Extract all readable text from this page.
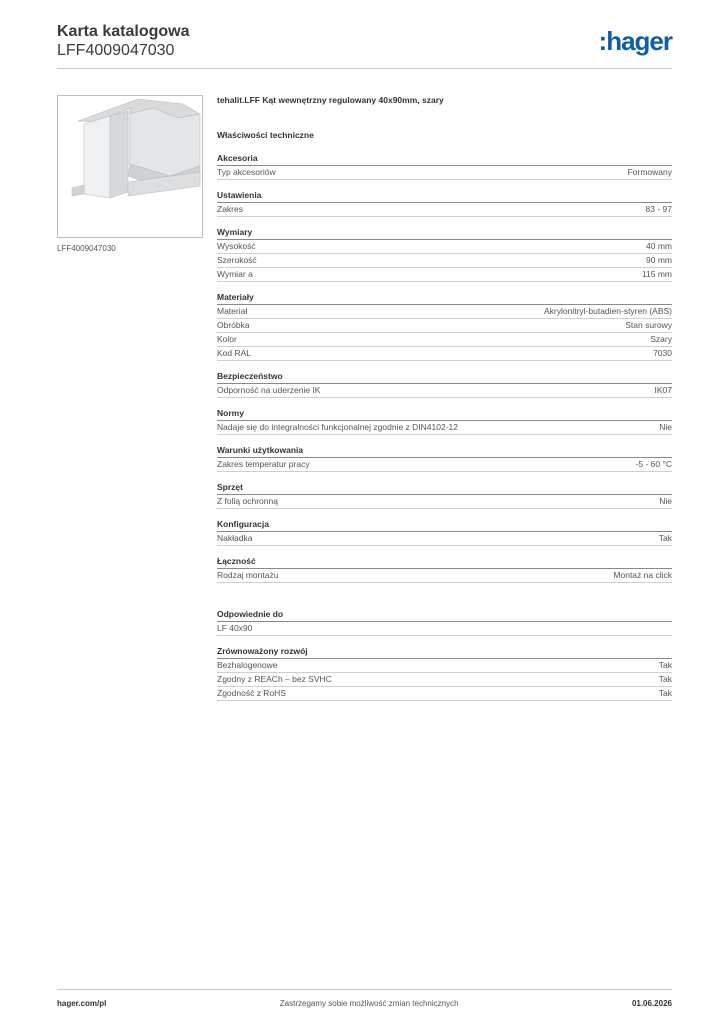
Karta katalogowa
LFF4009047030	:hager
LFF4009047030
tehalit.LFF Kąt wewnętrzny regulowany 40x90mm, szary
Właściwości techniczne
Akcesoria
Typ akcesoriów	Formowany
Ustawienia
Zakres	83 - 97
Wymiary
Wysokość	40 mm
Szerokość	90 mm
Wymiar a	115 mm
Materiały
Materiał	Akrylonitryl-butadien-styren (ABS)
Obróbka	Stan surowy
Kolor	Szary
Kod RAL	7030
Bezpieczeństwo
Odporność na uderzenie IK	IK07
Normy
Nadaje się do integralności funkcjonalnej zgodnie z DIN4102-12	Nie
Warunki użytkowania
Zakres temperatur pracy	-5 - 60 °C
Sprzęt
Z folią ochronną	Nie
Konfiguracja
Nakładka	Tak
Łączność
Rodzaj montażu	Montaż na click
Odpowiednie do
LF 40x90
Zrównoważony rozwój
Bezhalogenowe	Tak
Zgodny z REACh – bez SVHC	Tak
Zgodność z RoHS	Tak
hager.com/pl	Zastrzegamy sobie możliwość zmian technicznych	01.06.2026
